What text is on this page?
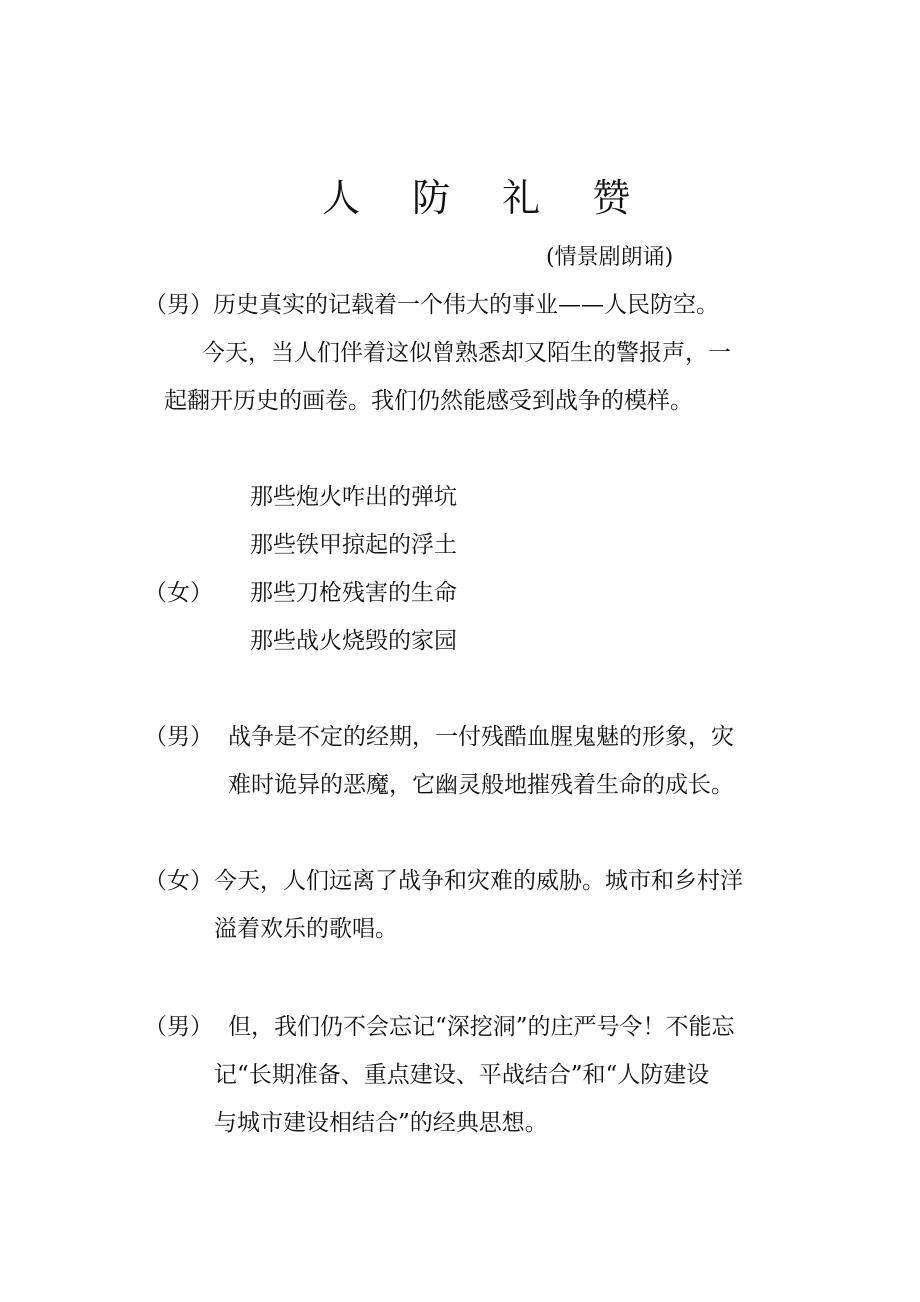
人 防 礼 赞
(情景剧朗诵)
（男）历史真实的记载着一个伟大的事业——人民防空。
今天，当人们伴着这似曾熟悉却又陌生的警报声，一
起翻开历史的画卷。我们仍然能感受到战争的模样。
那些炮火咋出的弹坑
那些铁甲掠起的浮土
（女） 那些刀枪残害的生命
那些战火烧毁的家园
（男） 战争是不定的经期，一付残酷血腥鬼魅的形象，灾
难时诡异的恶魔，它幽灵般地摧残着生命的成长。
（女） 今天，人们远离了战争和灾难的威胁。城市和乡村洋
溢着欢乐的歌唱。
（男） 但，我们仍不会忘记“深挖洞”的庄严号令！不能忘
记“长期准备、重点建设、平战结合”和“人防建设
与城市建设相结合”的经典思想。
